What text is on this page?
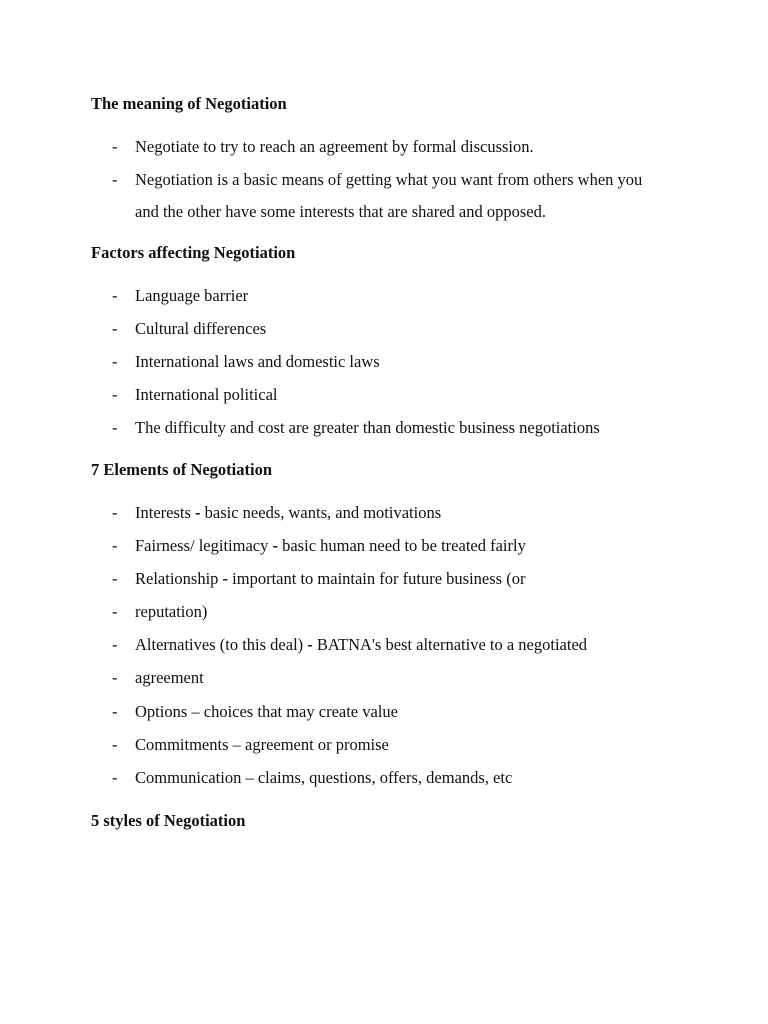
The meaning of Negotiation
- Negotiate to try to reach an agreement by formal discussion.
- Negotiation is a basic means of getting what you want from others when you
and the other have some interests that are shared and opposed.
Factors affecting Negotiation
- Language barrier
- Cultural differences
- International laws and domestic laws
- International political
- The difficulty and cost are greater than domestic business negotiations
7 Elements of Negotiation
- Interests - basic needs, wants, and motivations
- Fairness/ legitimacy - basic human need to be treated fairly
- Relationship - important to maintain for future business (or
- reputation)
- Alternatives (to this deal) - BATNA's best alternative to a negotiated
- agreement
- Options – choices that may create value
- Commitments – agreement or promise
- Communication – claims, questions, offers, demands, etc
5 styles of Negotiation
